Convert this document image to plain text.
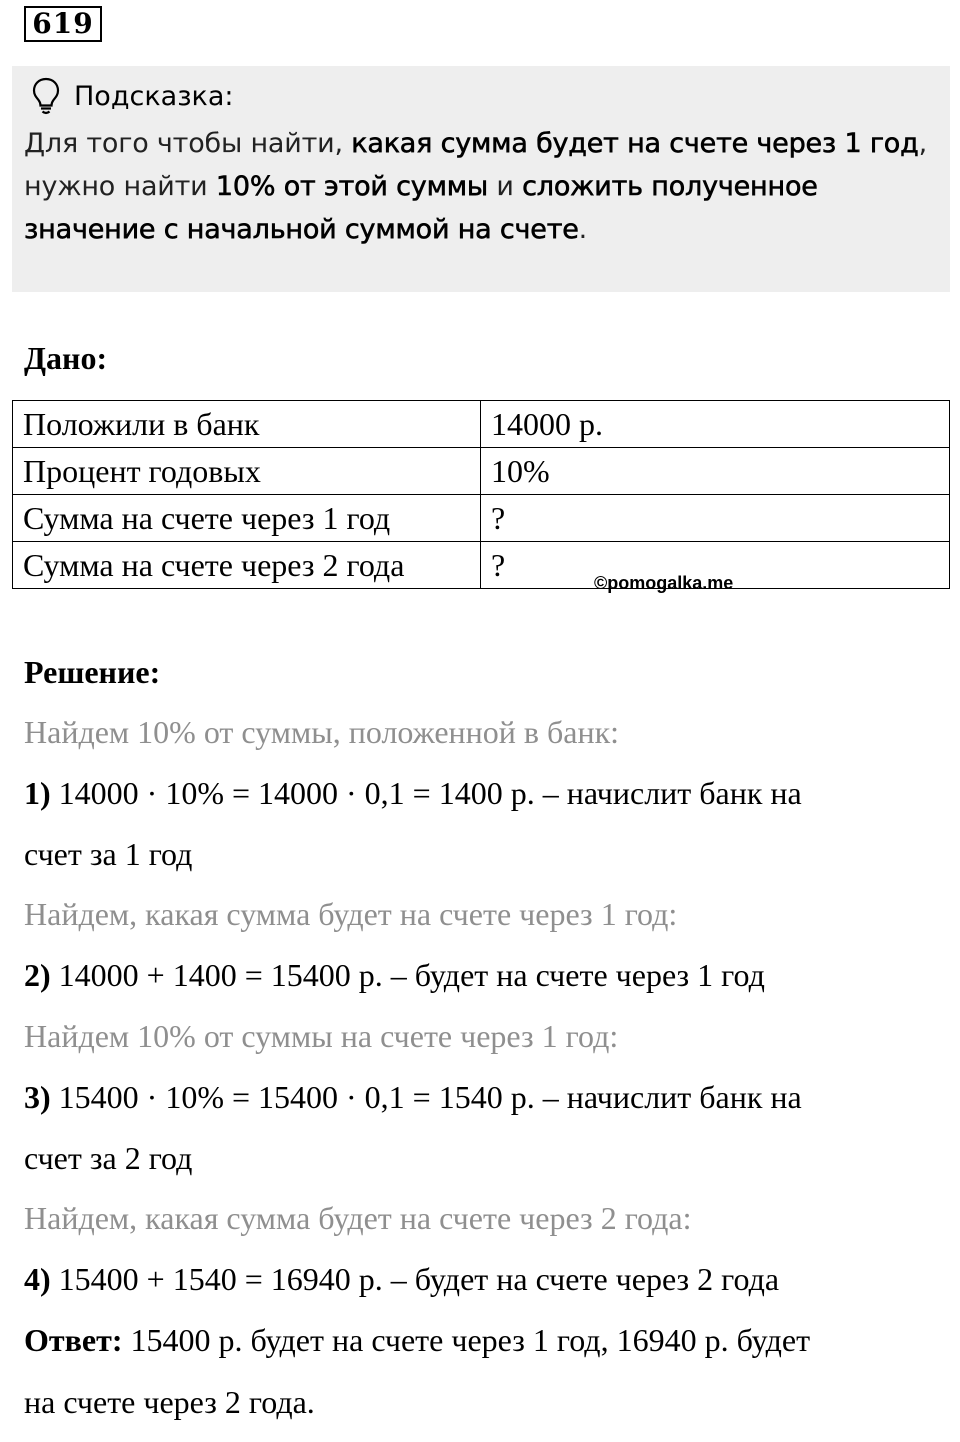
619
Подсказка:
Для того чтобы найти, какая сумма будет на счете через 1 год, нужно найти 10% от этой суммы и сложить полученное значение с начальной суммой на счете.
Дано:
Положили в банк	14000 р.
Процент годовых	10%
Сумма на счете через 1 год	?
Сумма на счете через 2 года	?	©pomogalka.me
Решение:
Найдем 10% от суммы, положенной в банк:
1) 14000 · 10% = 14000 · 0,1 = 1400 р. – начислит банк на
счет за 1 год
Найдем, какая сумма будет на счете через 1 год:
2) 14000 + 1400 = 15400 р. – будет на счете через 1 год
Найдем 10% от суммы на счете через 1 год:
3) 15400 · 10% = 15400 · 0,1 = 1540 р. – начислит банк на
счет за 2 год
Найдем, какая сумма будет на счете через 2 года:
4) 15400 + 1540 = 16940 р. – будет на счете через 2 года
Ответ: 15400 р. будет на счете через 1 год, 16940 р. будет
на счете через 2 года.
